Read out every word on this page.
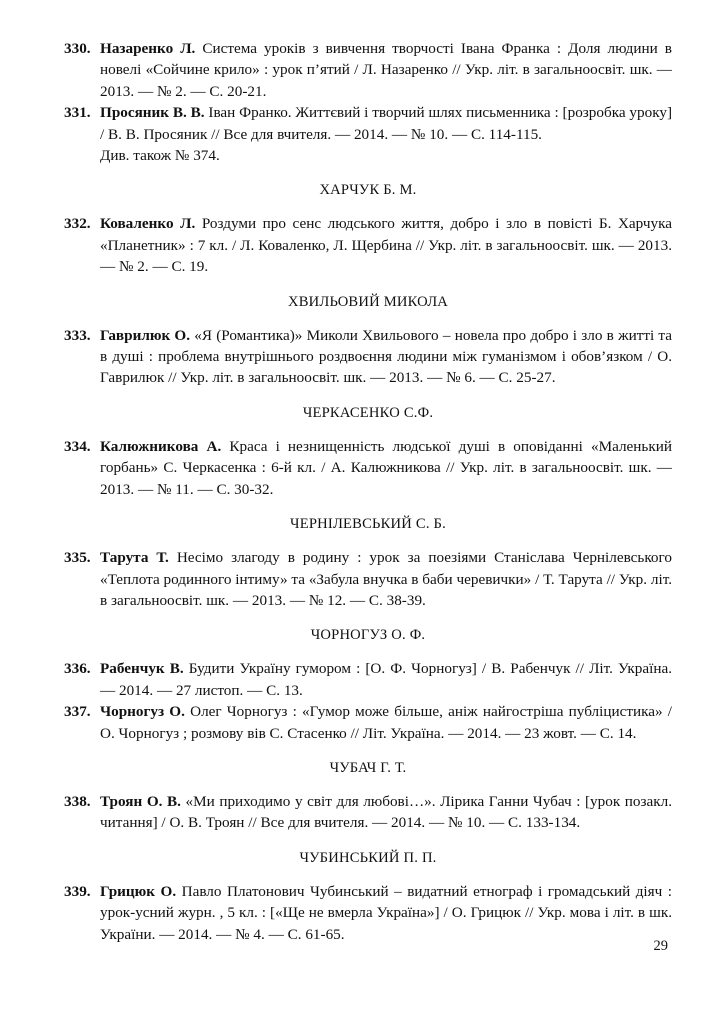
330. Назаренко Л. Система уроків з вивчення творчості Івана Франка : Доля людини в новелі «Сойчине крило» : урок п’ятий / Л. Назаренко // Укр. літ. в загальноосвіт. шк. — 2013. — № 2. — С. 20-21.
331. Просяник В. В. Іван Франко. Життєвий і творчий шлях письменника : [розробка уроку] / В. В. Просяник // Все для вчителя. — 2014. — № 10. — С. 114-115.
Див. також № 374.
ХАРЧУК Б. М.
332. Коваленко Л. Роздуми про сенс людського життя, добро і зло в повісті Б. Харчука «Планетник» : 7 кл. / Л. Коваленко, Л. Щербина // Укр. літ. в загальноосвіт. шк. — 2013. — № 2. — С. 19.
ХВИЛЬОВИЙ МИКОЛА
333. Гаврилюк О. «Я (Романтика)» Миколи Хвильового – новела про добро і зло в житті та в душі : проблема внутрішнього роздвоєння людини між гуманізмом і обов’язком / О. Гаврилюк // Укр. літ. в загальноосвіт. шк. — 2013. — № 6. — С. 25-27.
ЧЕРКАСЕНКО С.Ф.
334. Калюжникова А. Краса і незнищенність людської душі в оповіданні «Маленький горбань» С. Черкасенка : 6-й кл. / А. Калюжникова // Укр. літ. в загальноосвіт. шк. — 2013. — № 11. — С. 30-32.
ЧЕРНІЛЕВСЬКИЙ С. Б.
335. Тарута Т. Несімо злагоду в родину : урок за поезіями Станіслава Чернілевського «Теплота родинного інтиму» та «Забула внучка в баби черевички» / Т. Тарута // Укр. літ. в загальноосвіт. шк. — 2013. — № 12. — С. 38-39.
ЧОРНОГУЗ О. Ф.
336. Рабенчук В. Будити Україну гумором : [О. Ф. Чорногуз] / В. Рабенчук // Літ. Україна. — 2014. — 27 листоп. — С. 13.
337. Чорногуз О. Олег Чорногуз : «Гумор може більше, аніж найгостріша публіцистика» / О. Чорногуз ; розмову вів С. Стасенко // Літ. Україна. — 2014. — 23 жовт. — С. 14.
ЧУБАЧ Г. Т.
338. Троян О. В. «Ми приходимо у світ для любові…». Лірика Ганни Чубач : [урок позакл. читання] / О. В. Троян // Все для вчителя. — 2014. — № 10. — С. 133-134.
ЧУБИНСЬКИЙ П. П.
339. Грицюк О. Павло Платонович Чубинський – видатний етнограф і громадський діяч : урок-усний журн. , 5 кл. : [«Ще не вмерла Україна»] / О. Грицюк // Укр. мова і літ. в шк. України. — 2014. — № 4. — С. 61-65.
29
